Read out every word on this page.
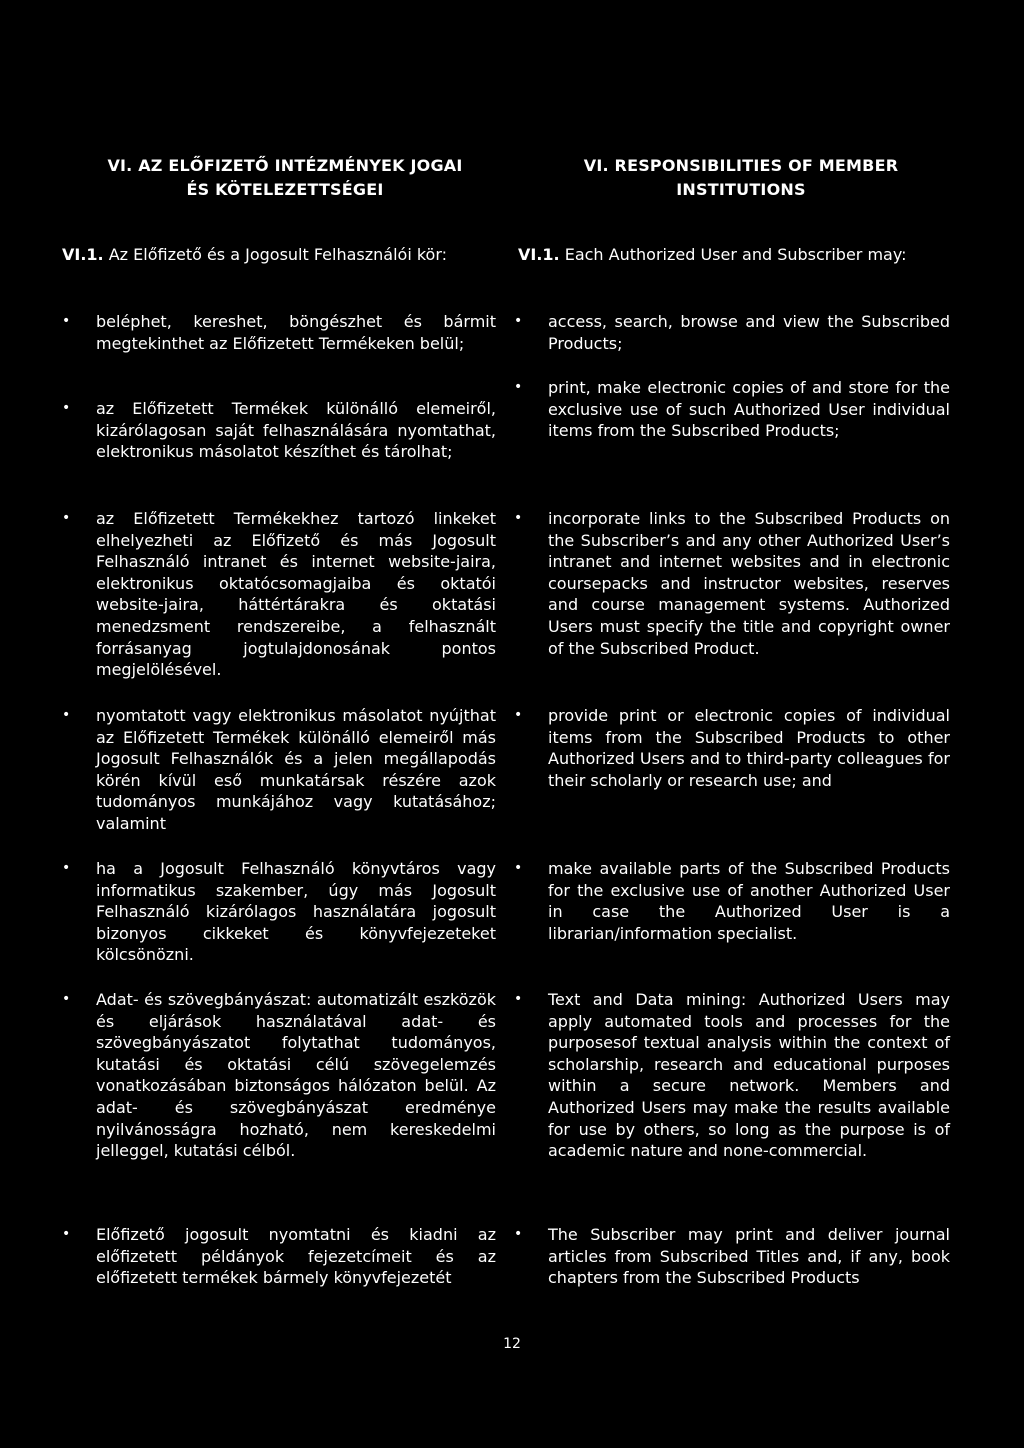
VI. AZ ELŐFIZETŐ INTÉZMÉNYEK JOGAI
ÉS KÖTELEZETTSÉGEI
VI. RESPONSIBILITIES OF MEMBER
INSTITUTIONS
VI.1. Az Előfizető és a Jogosult Felhasználói kör:	VI.1. Each Authorized User and Subscriber may:
• beléphet, kereshet, böngészhet és bármit megtekinthet az Előfizetett Termékeken belül;
• az Előfizetett Termékek különálló elemeiről, kizárólagosan saját felhasználására nyomtathat, elektronikus másolatot készíthet és tárolhat;
• az Előfizetett Termékekhez tartozó linkeket elhelyezheti az Előfizető és más Jogosult Felhasználó intranet és internet website-jaira, elektronikus oktatócsomagjaiba és oktatói website-jaira, háttértárakra és oktatási menedzsment rendszereibe, a felhasznált forrásanyag jogtulajdonosának pontos megjelölésével.
• nyomtatott vagy elektronikus másolatot nyújthat az Előfizetett Termékek különálló elemeiről más Jogosult Felhasználók és a jelen megállapodás körén kívül eső munkatársak részére azok tudományos munkájához vagy kutatásához; valamint
• ha a Jogosult Felhasználó könyvtáros vagy informatikus szakember, úgy más Jogosult Felhasználó kizárólagos használatára jogosult bizonyos cikkeket és könyvfejezeteket kölcsönözni.
• Adat- és szövegbányászat: automatizált eszközök és eljárások használatával adat- és szövegbányászatot folytathat tudományos, kutatási és oktatási célú szövegelemzés vonatkozásában biztonságos hálózaton belül. Az adat- és szövegbányászat eredménye nyilvánosságra hozható, nem kereskedelmi jelleggel, kutatási célból.
• Előfizető jogosult nyomtatni és kiadni az előfizetett példányok fejezetcímeit és az előfizetett termékek bármely könyvfejezetét
• access, search, browse and view the Subscribed Products;
• print, make electronic copies of and store for the exclusive use of such Authorized User individual items from the Subscribed Products;
• incorporate links to the Subscribed Products on the Subscriber’s and any other Authorized User’s intranet and internet websites and in electronic coursepacks and instructor websites, reserves and course management systems. Authorized Users must specify the title and copyright owner of the Subscribed Product.
• provide print or electronic copies of individual items from the Subscribed Products to other Authorized Users and to third-party colleagues for their scholarly or research use; and
• make available parts of the Subscribed Products for the exclusive use of another Authorized User in case the Authorized User is a librarian/information specialist.
• Text and Data mining: Authorized Users may apply automated tools and processes for the purposesof textual analysis within the context of scholarship, research and educational purposes within a secure network. Members and Authorized Users may make the results available for use by others, so long as the purpose is of academic nature and none-commercial.
• The Subscriber may print and deliver journal articles from Subscribed Titles and, if any, book chapters from the Subscribed Products
12
